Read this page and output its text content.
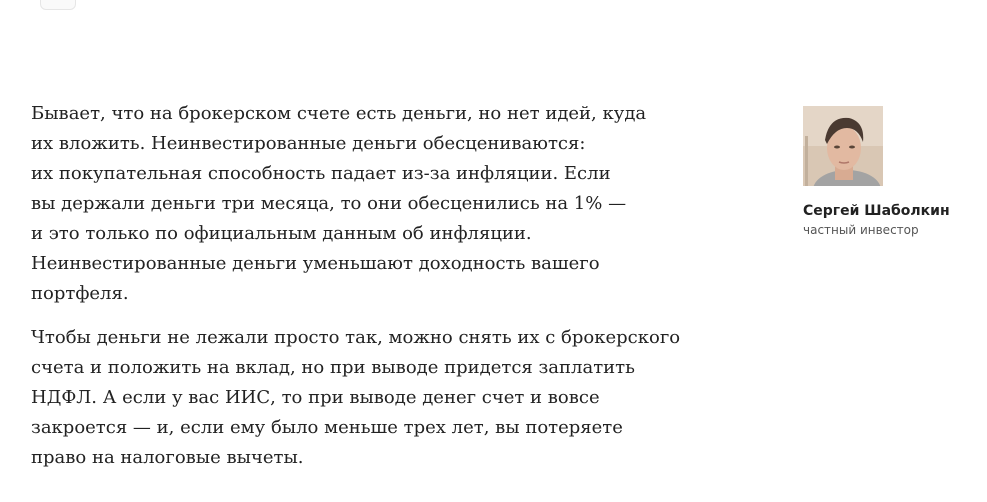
Бывает, что на брокерском счете есть деньги, но нет идей, куда
их вложить. Неинвестированные деньги обесцениваются:
их покупательная способность падает из-за инфляции. Если
вы держали деньги три месяца, то они обесценились на 1% —
и это только по официальным данным об инфляции.
Неинвестированные деньги уменьшают доходность вашего
портфеля.

Чтобы деньги не лежали просто так, можно снять их с брокерского
счета и положить на вклад, но при выводе придется заплатить
НДФЛ. А если у вас ИИС, то при выводе денег счет и вовсе
закроется — и, если ему было меньше трех лет, вы потеряете
право на налоговые вычеты.

Сергей Шаболкин
частный инвестор
